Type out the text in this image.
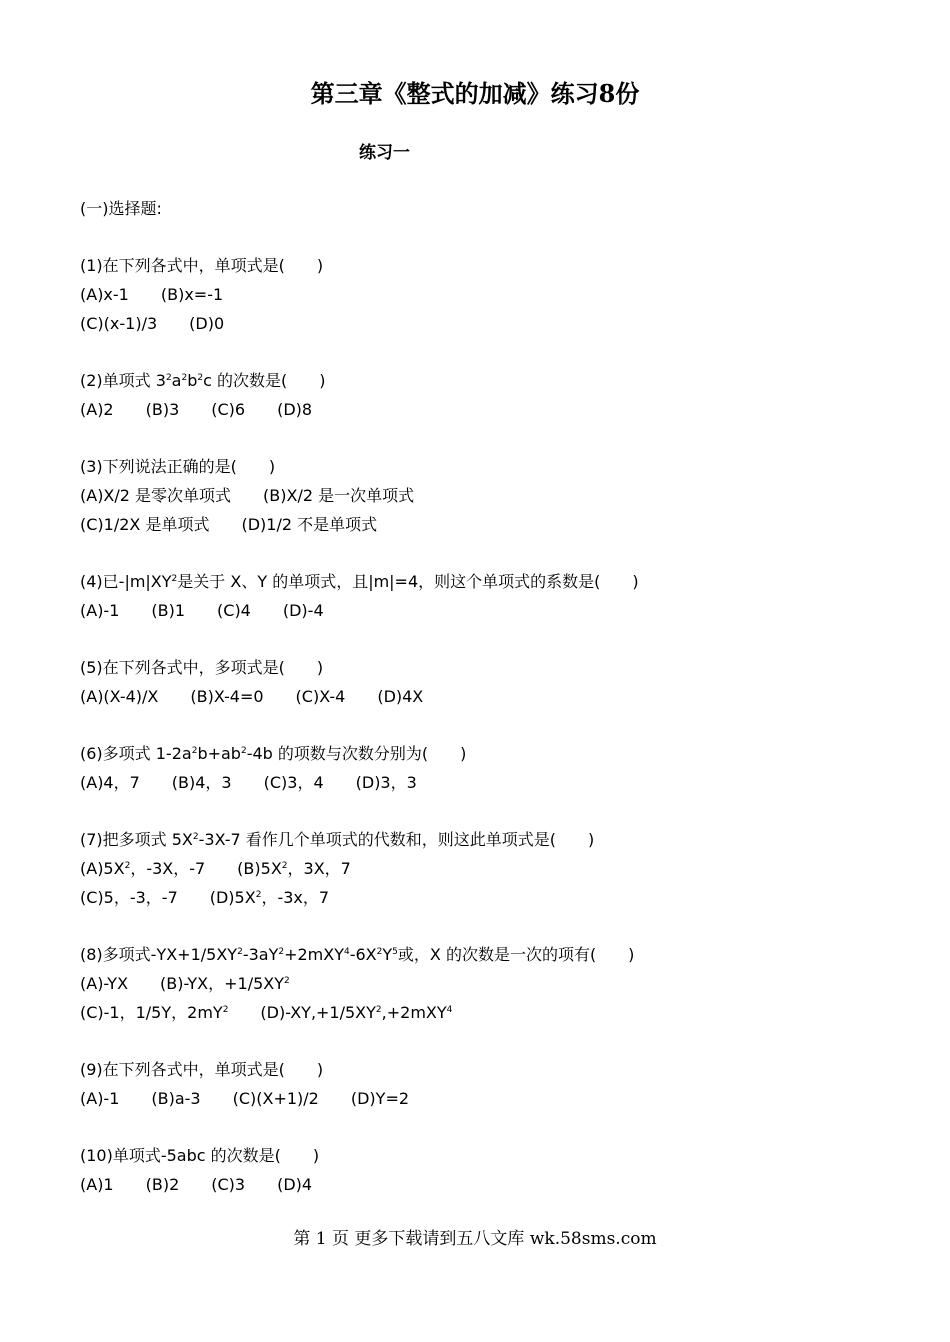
第三章《整式的加减》练习8份
练习一
(一)选择题:
(1)在下列各式中，单项式是(　　)
(A)x-1　　(B)x=-1
(C)(x-1)/3　　(D)0
(2)单项式 $3^2a^2b^2c$ 的次数是(　　)
(A)2　　(B)3　　(C)6　　(D)8
(3)下列说法正确的是(　　)
(A)X/2 是零次单项式　　(B)X/2 是一次单项式
(C)1/2X 是单项式　　(D)1/2 不是单项式
(4)已$-|m|XY^2$是关于 X、Y 的单项式，且|m|=4，则这个单项式的系数是(　　)
(A)-1　　(B)1　　(C)4　　(D)-4
(5)在下列各式中，多项式是(　　)
(A)(X-4)/X　　(B)X-4=0　　(C)X-4　　(D)4X
(6)多项式 $1-2a^2b+ab^2-4b$ 的项数与次数分别为(　　)
(A)4，7　　(B)4，3　　(C)3，4　　(D)3，3
(7)把多项式 $5X^2-3X-7$ 看作几个单项式的代数和，则这此单项式是(　　)
$(A)5X^2$，-3X，-7　　$(B)5X^2$，3X，7
(C)5，-3，-7　　$(D)5X^2$，-3x，7
(8)多项式$-YX+1/5XY^2-3aY^2+2mXY^4-6X^2Y^5$或，X 的次数是一次的项有(　　)
(A)-YX　　(B)-YX，$+1/5XY^2$
(C)-1，1/5Y，$2mY^2$　　$(D)-XY,+1/5XY^2,+2mXY^4$
(9)在下列各式中，单项式是(　　)
(A)-1　　(B)a-3　　(C)(X+1)/2　　(D)Y=2
(10)单项式-5abc 的次数是(　　)
(A)1　　(B)2　　(C)3　　(D)4
第 1 页 更多下载请到五八文库 wk.58sms.com
